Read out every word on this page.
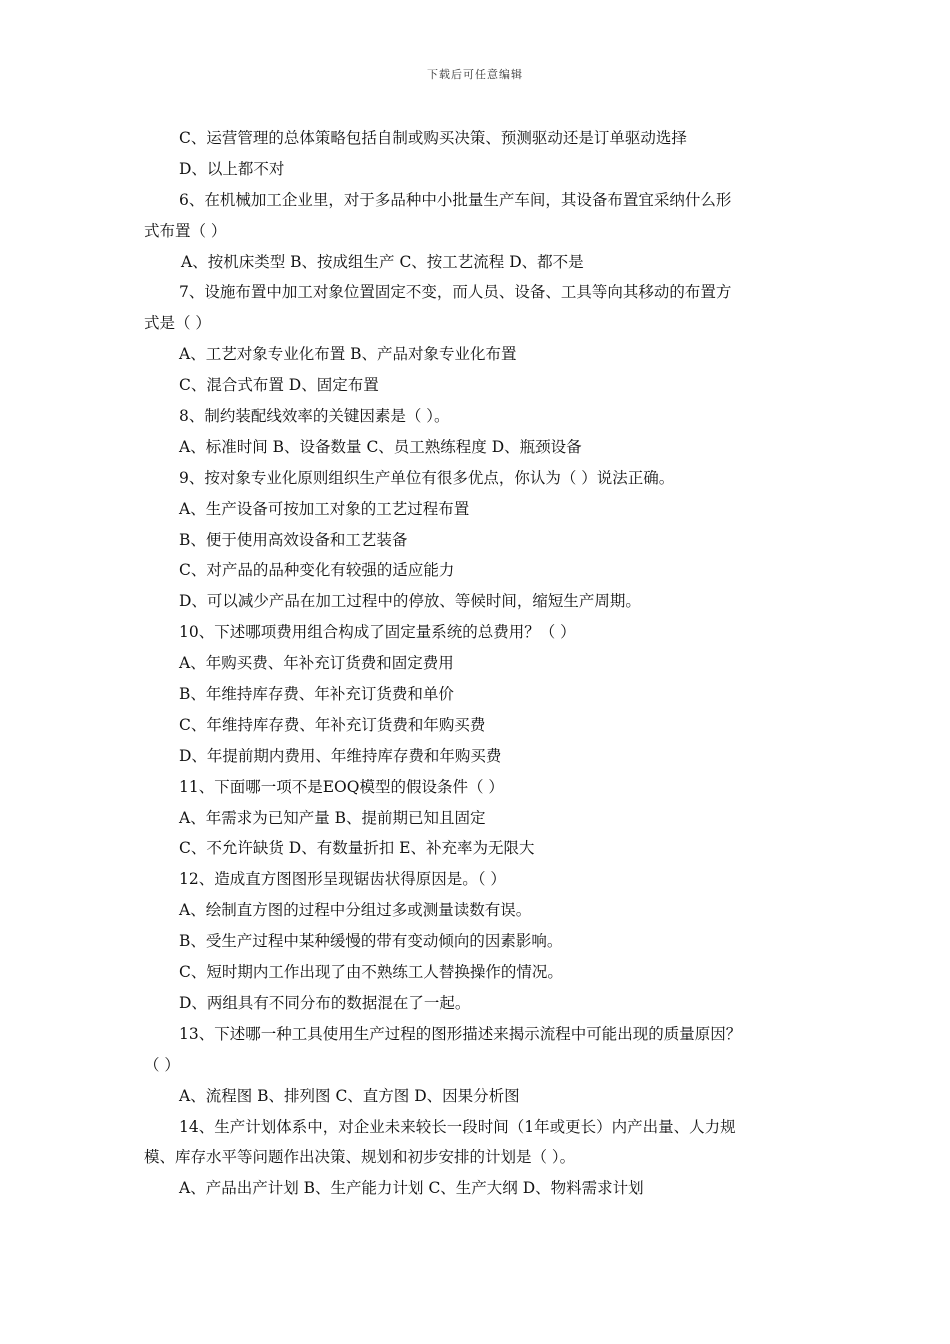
下载后可任意编辑
C、运营管理的总体策略包括自制或购买决策、预测驱动还是订单驱动选择
D、以上都不对
6、在机械加工企业里，对于多品种中小批量生产车间，其设备布置宜采纳什么形
式布置（ ）
A、按机床类型 B、按成组生产 C、按工艺流程 D、都不是
7、设施布置中加工对象位置固定不变，而人员、设备、工具等向其移动的布置方
式是（ ）
A、工艺对象专业化布置 B、产品对象专业化布置
C、混合式布置 D、固定布置
8、制约装配线效率的关键因素是（ ）。
A、标准时间 B、设备数量 C、员工熟练程度 D、瓶颈设备
9、按对象专业化原则组织生产单位有很多优点，你认为（ ）说法正确。
A、生产设备可按加工对象的工艺过程布置
B、便于使用高效设备和工艺装备
C、对产品的品种变化有较强的适应能力
D、可以减少产品在加工过程中的停放、等候时间，缩短生产周期。
10、下述哪项费用组合构成了固定量系统的总费用？（ ）
A、年购买费、年补充订货费和固定费用
B、年维持库存费、年补充订货费和单价
C、年维持库存费、年补充订货费和年购买费
D、年提前期内费用、年维持库存费和年购买费
11、下面哪一项不是EOQ模型的假设条件（ ）
A、年需求为已知产量 B、提前期已知且固定
C、不允许缺货 D、有数量折扣 E、补充率为无限大
12、造成直方图图形呈现锯齿状得原因是。（ ）
A、绘制直方图的过程中分组过多或测量读数有误。
B、受生产过程中某种缓慢的带有变动倾向的因素影响。
C、短时期内工作出现了由不熟练工人替换操作的情况。
D、两组具有不同分布的数据混在了一起。
13、下述哪一种工具使用生产过程的图形描述来揭示流程中可能出现的质量原因？
（ ）
A、流程图 B、排列图 C、直方图 D、因果分析图
14、生产计划体系中，对企业未来较长一段时间（1年或更长）内产出量、人力规
模、库存水平等问题作出决策、规划和初步安排的计划是（ ）。
A、产品出产计划 B、生产能力计划 C、生产大纲 D、物料需求计划
